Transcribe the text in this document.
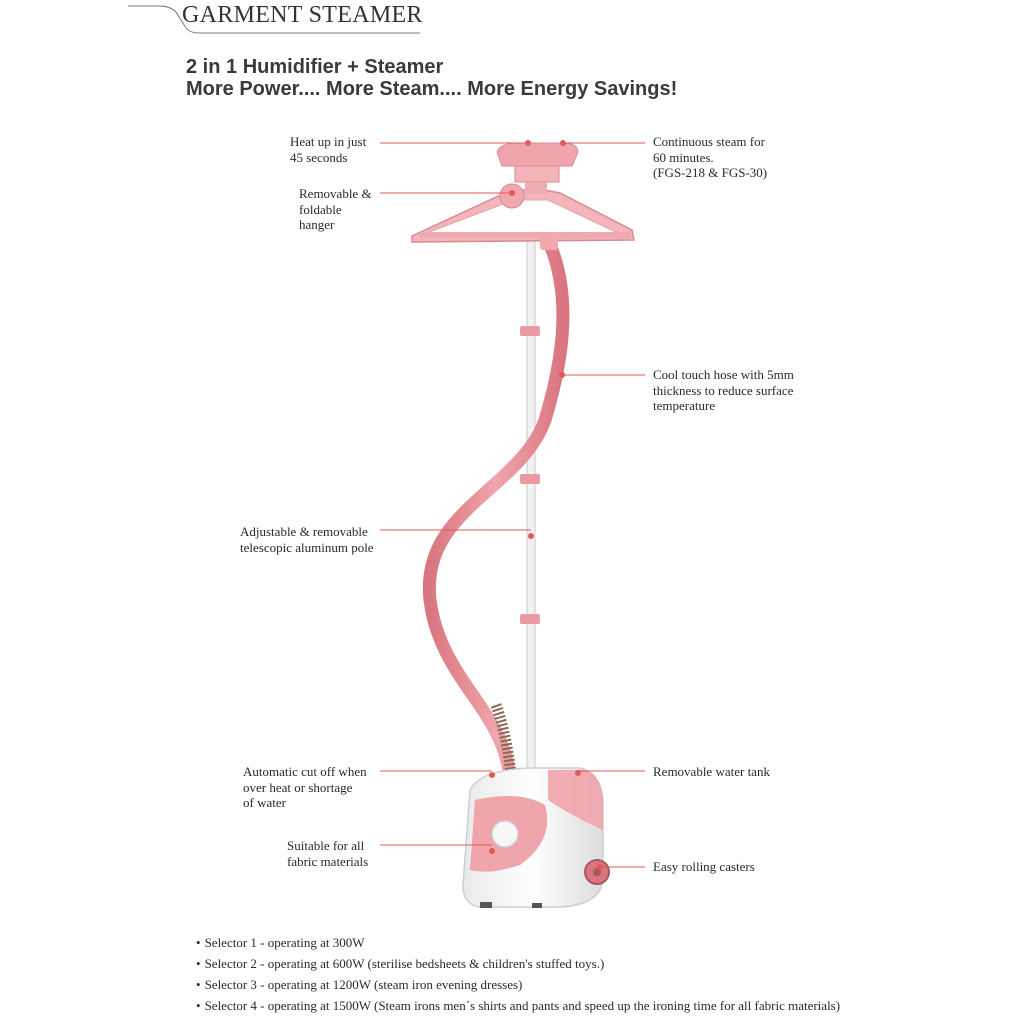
GARMENT STEAMER
2 in 1 Humidifier + Steamer
More Power.... More Steam.... More Energy Savings!
Heat up in just
45 seconds
Continuous steam for
60 minutes.
(FGS-218 & FGS-30)
Removable &
foldable
hanger
Cool touch hose with 5mm
thickness to reduce surface
temperature
Adjustable & removable
telescopic aluminum pole
Automatic cut off when
over heat or shortage
of water
Removable water tank
Suitable for all
fabric materials	Easy rolling casters
• Selector 1 - operating at 300W
• Selector 2 - operating at 600W (sterilise bedsheets & children's stuffed toys.)
• Selector 3 - operating at 1200W (steam iron evening dresses)
• Selector 4 - operating at 1500W (Steam irons men´s shirts and pants and speed up the ironing time for all fabric materials)
